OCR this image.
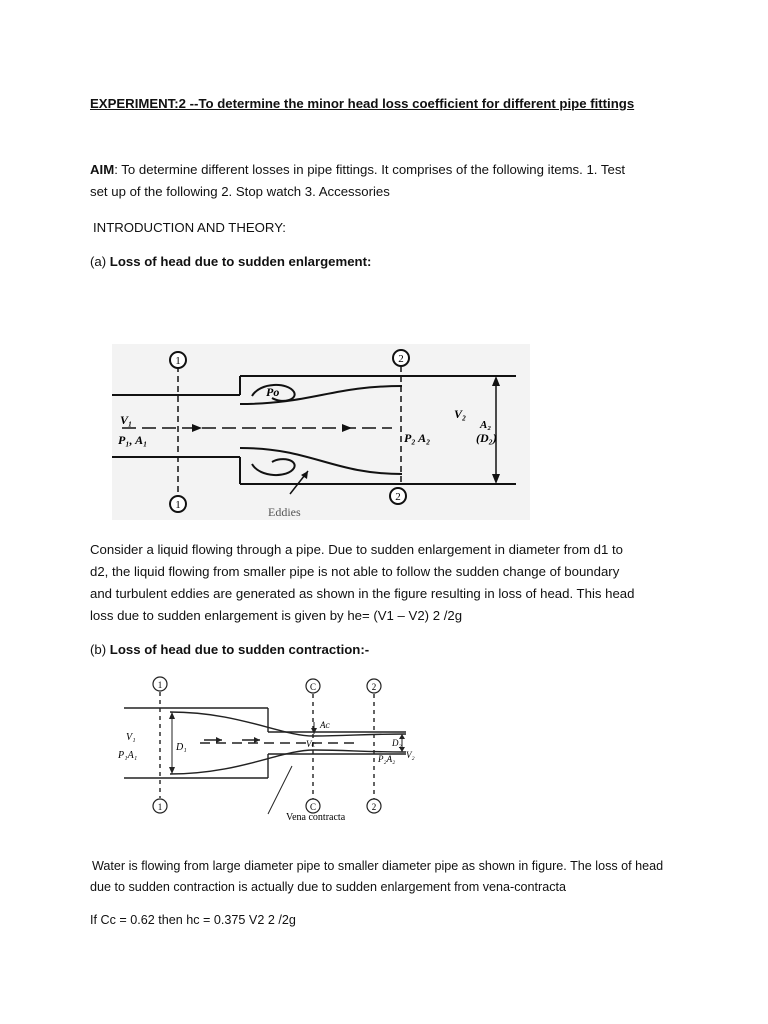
EXPERIMENT:2 --To determine the minor head loss coefficient for different pipe fittings
AIM: To determine different losses in pipe fittings. It comprises of the following items. 1. Test
set up of the following 2. Stop watch 3. Accessories
INTRODUCTION AND THEORY:
(a) Loss of head due to sudden enlargement:
1
1
2
2
Po
V₁
P₁, A₁
V₂
A₂
(D₂)
P₂ A₂
Eddies
Consider a liquid flowing through a pipe. Due to sudden enlargement in diameter from d1 to
d2, the liquid flowing from smaller pipe is not able to follow the sudden change of boundary
and turbulent eddies are generated as shown in the figure resulting in loss of head. This head
loss due to sudden enlargement is given by he= (V1 – V2) 2 /2g
(b) Loss of head due to sudden contraction:-
1
1
C
C
2
2
V₁
P₁A₁
D₁
Aᴄ
Vc
P₂A₂
D₂
V₂
Vena contracta
Water is flowing from large diameter pipe to smaller diameter pipe as shown in figure. The loss of head
due to sudden contraction is actually due to sudden enlargement from vena-contracta
If Cc = 0.62 then hc = 0.375 V2 2 /2g
